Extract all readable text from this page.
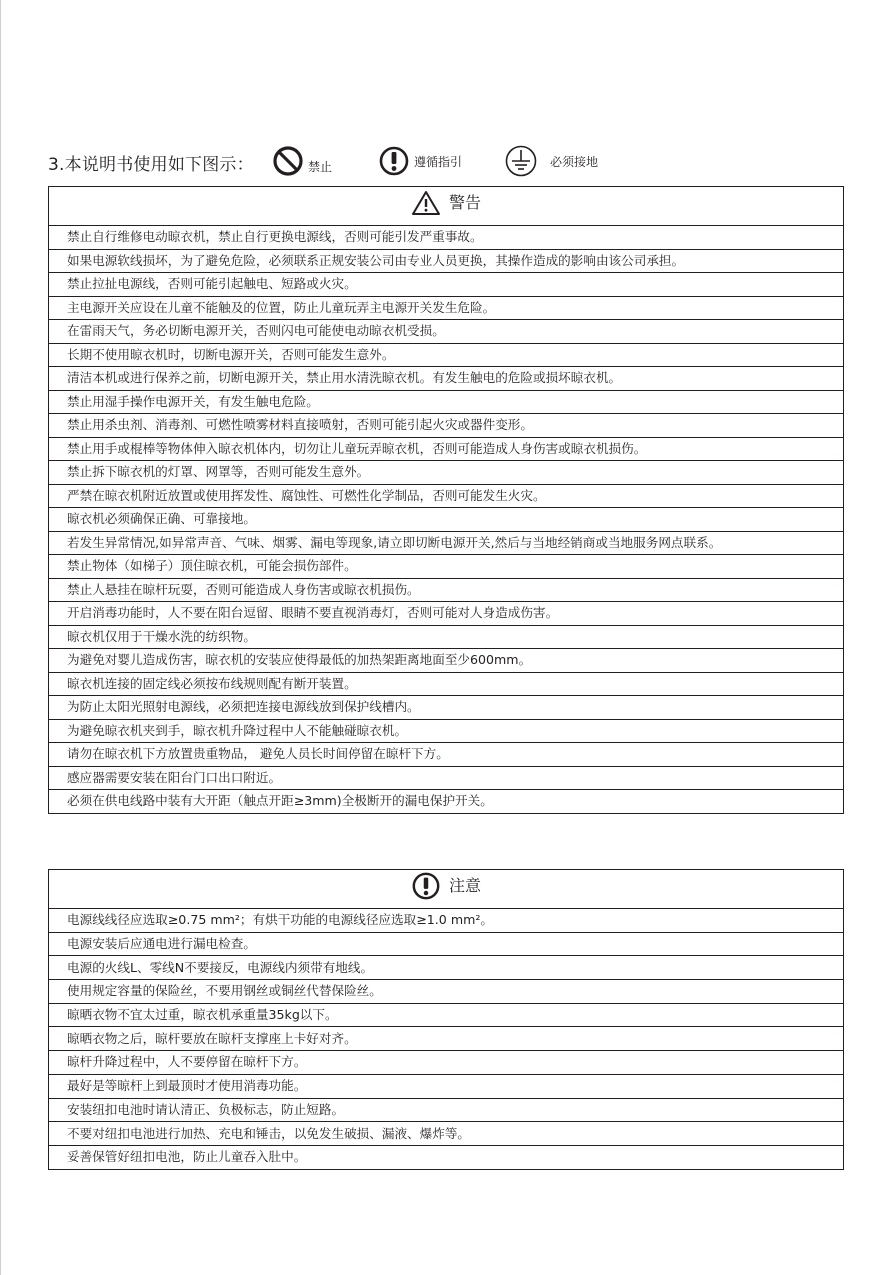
3.本说明书使用如下图示：	禁止	遵循指引	必须接地
警告

禁止自行维修电动晾衣机，禁止自行更换电源线，否则可能引发严重事故。
如果电源软线损坏，为了避免危险，必须联系正规安装公司由专业人员更换，其操作造成的影响由该公司承担。
禁止拉扯电源线，否则可能引起触电、短路或火灾。
主电源开关应设在儿童不能触及的位置，防止儿童玩弄主电源开关发生危险。
在雷雨天气，务必切断电源开关，否则闪电可能使电动晾衣机受损。
长期不使用晾衣机时，切断电源开关，否则可能发生意外。
清洁本机或进行保养之前，切断电源开关，禁止用水清洗晾衣机。有发生触电的危险或损坏晾衣机。
禁止用湿手操作电源开关，有发生触电危险。
禁止用杀虫剂、消毒剂、可燃性喷雾材料直接喷射，否则可能引起火灾或器件变形。
禁止用手或棍棒等物体伸入晾衣机体内，切勿让儿童玩弄晾衣机，否则可能造成人身伤害或晾衣机损伤。
禁止拆下晾衣机的灯罩、网罩等，否则可能发生意外。
严禁在晾衣机附近放置或使用挥发性、腐蚀性、可燃性化学制品，否则可能发生火灾。
晾衣机必须确保正确、可靠接地。
若发生异常情况,如异常声音、气味、烟雾、漏电等现象,请立即切断电源开关,然后与当地经销商或当地服务网点联系。
禁止物体（如梯子）顶住晾衣机，可能会损伤部件。
禁止人悬挂在晾杆玩耍，否则可能造成人身伤害或晾衣机损伤。
开启消毒功能时，人不要在阳台逗留、眼睛不要直视消毒灯，否则可能对人身造成伤害。
晾衣机仅用于干燥水洗的纺织物。
为避免对婴儿造成伤害，晾衣机的安装应使得最低的加热架距离地面至少600mm。
晾衣机连接的固定线必须按布线规则配有断开装置。
为防止太阳光照射电源线，必须把连接电源线放到保护线槽内。
为避免晾衣机夹到手，晾衣机升降过程中人不能触碰晾衣机。
请勿在晾衣机下方放置贵重物品， 避免人员长时间停留在晾杆下方。
感应器需要安装在阳台门口出口附近。
必须在供电线路中装有大开距（触点开距≥3mm)全极断开的漏电保护开关。
注意

电源线线径应选取≥0.75 mm²；有烘干功能的电源线径应选取≥1.0 mm²。
电源安装后应通电进行漏电检查。
电源的火线L、零线N不要接反，电源线内须带有地线。
使用规定容量的保险丝，不要用钢丝或铜丝代替保险丝。
晾晒衣物不宜太过重，晾衣机承重量35kg以下。
晾晒衣物之后，晾杆要放在晾杆支撑座上卡好对齐。
晾杆升降过程中，人不要停留在晾杆下方。
最好是等晾杆上到最顶时才使用消毒功能。
安装纽扣电池时请认清正、负极标志，防止短路。
不要对纽扣电池进行加热、充电和锤击，以免发生破损、漏液、爆炸等。
妥善保管好纽扣电池，防止儿童吞入肚中。
